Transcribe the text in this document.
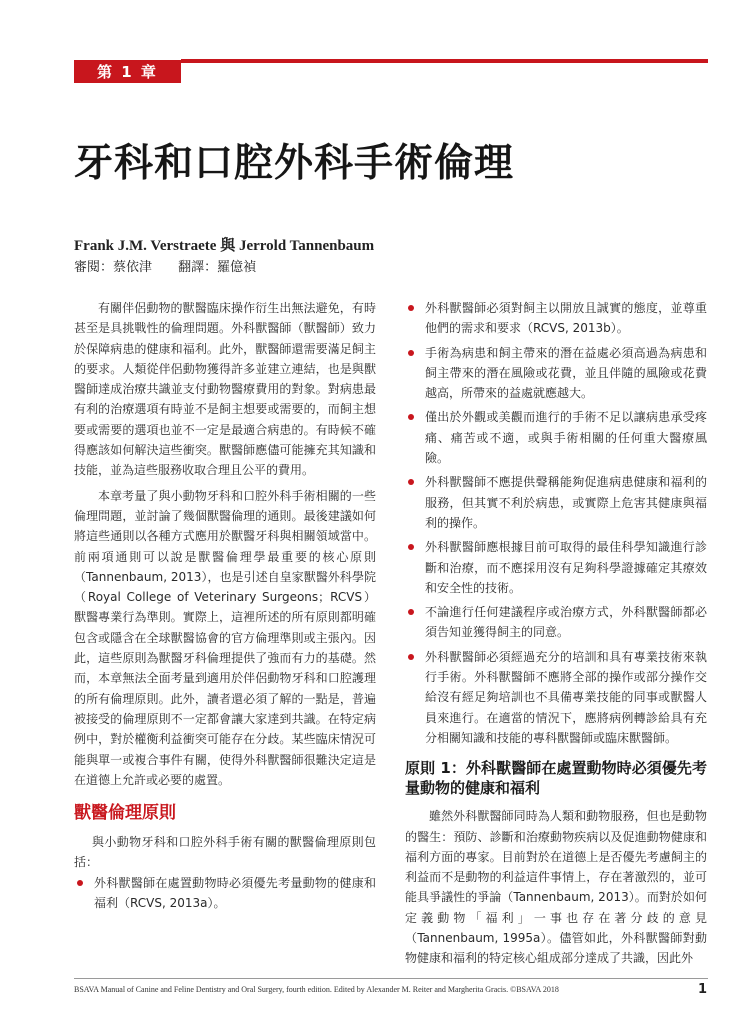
第 1 章
牙科和口腔外科手術倫理
Frank J.M. Verstraete 與 Jerrold Tannenbaum
審閱：蔡依津 翻譯：羅億禎

有關伴侶動物的獸醫臨床操作衍生出無法避免，有時甚至是具挑戰性的倫理問題。外科獸醫師（獸醫師）致力於保障病患的健康和福利。此外，獸醫師還需要滿足飼主的要求。人類從伴侶動物獲得許多並建立連結，也是與獸醫師達成治療共識並支付動物醫療費用的對象。對病患最有利的治療選項有時並不是飼主想要或需要的，而飼主想要或需要的選項也並不一定是最適合病患的。有時候不確得應該如何解決這些衝突。獸醫師應儘可能擁充其知識和技能，並為這些服務收取合理且公平的費用。

本章考量了與小動物牙科和口腔外科手術相關的一些倫理問題，並討論了幾個獸醫倫理的通則。最後建議如何將這些通則以各種方式應用於獸醫牙科與相關領域當中。前兩項通則可以說是獸醫倫理學最重要的核心原則（Tannenbaum, 2013），也是引述自皇家獸醫外科學院（Royal College of Veterinary Surgeons；RCVS）獸醫專業行為準則。實際上，這裡所述的所有原則都明確包含或隱含在全球獸醫協會的官方倫理準則或主張內。因此，這些原則為獸醫牙科倫理提供了強而有力的基礎。然而，本章無法全面考量到適用於伴侶動物牙科和口腔護理的所有倫理原則。此外，讀者還必須了解的一點是，普遍被接受的倫理原則不一定都會讓大家達到共識。在特定病例中，對於權衡利益衝突可能存在分歧。某些臨床情況可能與單一或複合事件有關，使得外科獸醫師很難決定這是在道德上允許或必要的處置。

獸醫倫理原則

與小動物牙科和口腔外科手術有關的獸醫倫理原則包括：

外科獸醫師在處置動物時必須優先考量動物的健康和福利（RCVS, 2013a）。
外科獸醫師必須對飼主以開放且誠實的態度，並尊重他們的需求和要求（RCVS, 2013b）。
手術為病患和飼主帶來的潛在益處必須高過為病患和飼主帶來的潛在風險或花費，並且伴隨的風險或花費越高，所帶來的益處就應越大。
僅出於外觀或美觀而進行的手術不足以讓病患承受疼痛、痛苦或不適，或與手術相關的任何重大醫療風險。
外科獸醫師不應提供聲稱能夠促進病患健康和福利的服務，但其實不利於病患，或實際上危害其健康與福利的操作。
外科獸醫師應根據目前可取得的最佳科學知識進行診斷和治療，而不應採用沒有足夠科學證據確定其療效和安全性的技術。
不論進行任何建議程序或治療方式，外科獸醫師都必須告知並獲得飼主的同意。
外科獸醫師必須經過充分的培訓和具有專業技術來執行手術。外科獸醫師不應將全部的操作或部分操作交給沒有經足夠培訓也不具備專業技能的同事或獸醫人員來進行。在適當的情況下，應將病例轉診給具有充分相關知識和技能的專科獸醫師或臨床獸醫師。
原則 1：外科獸醫師在處置動物時必須優先考量動物的健康和福利

雖然外科獸醫師同時為人類和動物服務，但也是動物的醫生：預防、診斷和治療動物疾病以及促進動物健康和福利方面的專家。目前對於在道德上是否優先考慮飼主的利益而不是動物的利益這件事情上，存在著激烈的，並可能具爭議性的爭論（Tannenbaum, 2013）。而對於如何定義動物「福利」一事也存在著分歧的意見（Tannenbaum, 1995a）。儘管如此，外科獸醫師對動物健康和福利的特定核心組成部分達成了共識，因此外

BSAVA Manual of Canine and Feline Dentistry and Oral Surgery, fourth edition. Edited by Alexander M. Reiter and Margherita Gracis. ©BSAVA 2018	1
